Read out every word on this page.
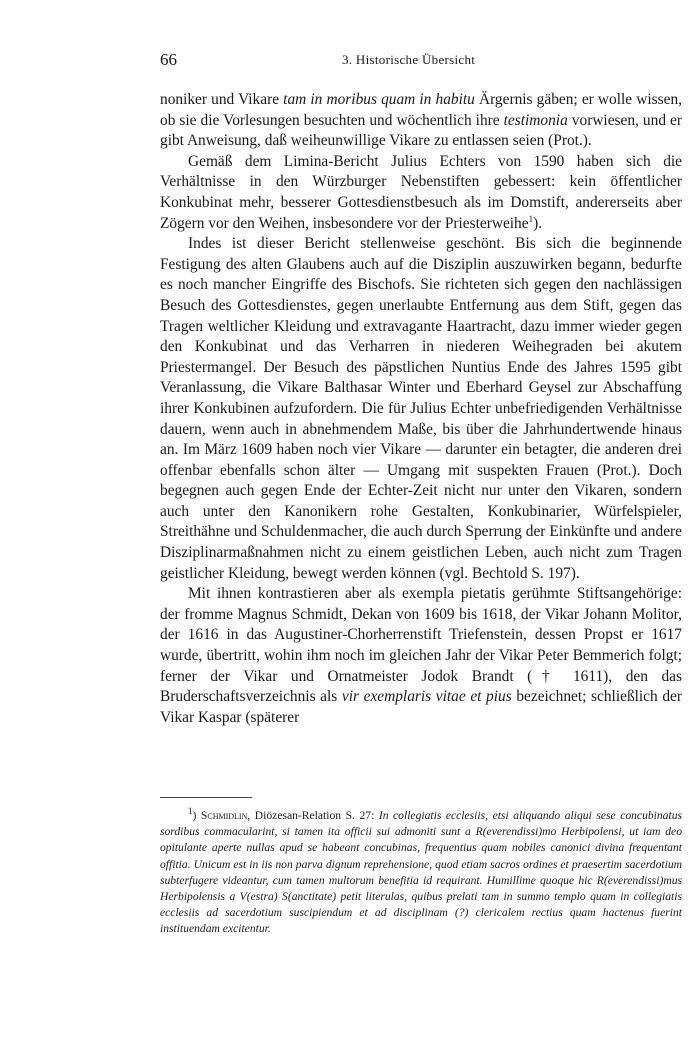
66	3. Historische Übersicht

noniker und Vikare tam in moribus quam in habitu Ärgernis gäben; er wolle wissen, ob sie die Vorlesungen besuchten und wöchentlich ihre testimonia vorwiesen, und er gibt Anweisung, daß weiheunwillige Vikare zu entlassen seien (Prot.).

Gemäß dem Limina-Bericht Julius Echters von 1590 haben sich die Verhältnisse in den Würzburger Nebenstiften gebessert: kein öffentlicher Konkubinat mehr, besserer Gottesdienstbesuch als im Domstift, andererseits aber Zögern vor den Weihen, insbesondere vor der Priesterweihe$^1$).

Indes ist dieser Bericht stellenweise geschönt. Bis sich die beginnende Festigung des alten Glaubens auch auf die Disziplin auszuwirken begann, bedurfte es noch mancher Eingriffe des Bischofs. Sie richteten sich gegen den nachlässigen Besuch des Gottesdienstes, gegen unerlaubte Entfernung aus dem Stift, gegen das Tragen weltlicher Kleidung und extravagante Haartracht, dazu immer wieder gegen den Konkubinat und das Verharren in niederen Weihegraden bei akutem Priestermangel. Der Besuch des päpstlichen Nuntius Ende des Jahres 1595 gibt Veranlassung, die Vikare Balthasar Winter und Eberhard Geysel zur Abschaffung ihrer Konkubinen aufzufordern. Die für Julius Echter unbefriedigenden Verhältnisse dauern, wenn auch in abnehmendem Maße, bis über die Jahrhundertwende hinaus an. Im März 1609 haben noch vier Vikare — darunter ein betagter, die anderen drei offenbar ebenfalls schon älter — Umgang mit suspekten Frauen (Prot.). Doch begegnen auch gegen Ende der Echter-Zeit nicht nur unter den Vikaren, sondern auch unter den Kanonikern rohe Gestalten, Konkubinarier, Würfelspieler, Streithähne und Schuldenmacher, die auch durch Sperrung der Einkünfte und andere Disziplinarmaßnahmen nicht zu einem geistlichen Leben, auch nicht zum Tragen geistlicher Kleidung, bewegt werden können (vgl. Bechtold S. 197).

Mit ihnen kontrastieren aber als exempla pietatis gerühmte Stiftsangehörige: der fromme Magnus Schmidt, Dekan von 1609 bis 1618, der Vikar Johann Molitor, der 1616 in das Augustiner-Chorherrenstift Triefenstein, dessen Propst er 1617 wurde, übertritt, wohin ihm noch im gleichen Jahr der Vikar Peter Bemmerich folgt; ferner der Vikar und Ornatmeister Jodok Brandt († 1611), den das Bruderschaftsverzeichnis als vir exemplaris vitae et pius bezeichnet; schließlich der Vikar Kaspar (späterer

$^1$) Schmidlin, Diözesan-Relation S. 27: In collegiatis ecclesiis, etsi aliquando aliqui sese concubinatus sordibus commacularint, si tamen ita officii sui admoniti sunt a R(everendissi)mo Herbipolensi, ut iam deo opitulante aperte nullas apud se habeant concubinas, frequentius quam nobiles canonici divina frequentant offitia. Unicum est in iis non parva dignum reprehensione, quod etiam sacros ordines et praesertim sacerdotium subterfugere videantur, cum tamen multorum benefitia id requirant. Humillime quoque hic R(everendissi)mus Herbipolensis a V(estra) S(anctitate) petit literulas, quibus prelati tam in summo templo quam in collegiatis ecclesiis ad sacerdotium suscipiendum et ad disciplinam (?) clericalem rectius quam hactenus fuerint instituendam excitentur.
